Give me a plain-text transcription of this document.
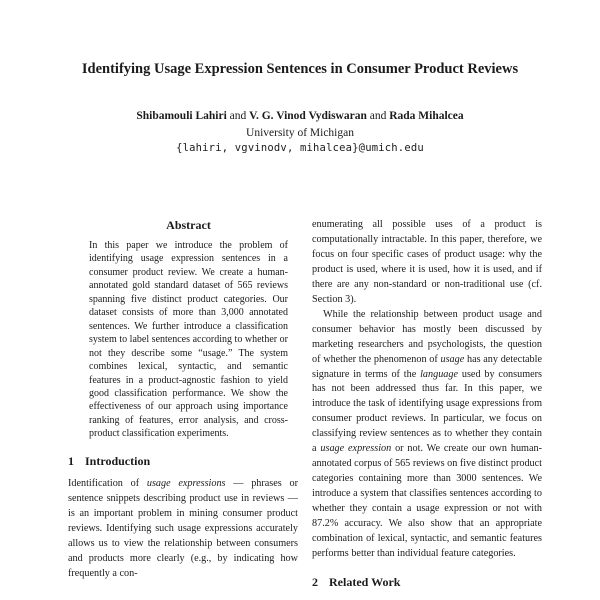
Identifying Usage Expression Sentences in Consumer Product Reviews
Shibamouli Lahiri and V. G. Vinod Vydiswaran and Rada Mihalcea
University of Michigan
{lahiri, vgvinodv, mihalcea}@umich.edu
Abstract
In this paper we introduce the problem of identifying usage expression sentences in a consumer product review. We create a human-annotated gold standard dataset of 565 reviews spanning five distinct product categories. Our dataset consists of more than 3,000 annotated sentences. We further introduce a classification system to label sentences according to whether or not they describe some “usage.” The system combines lexical, syntactic, and semantic features in a product-agnostic fashion to yield good classification performance. We show the effectiveness of our approach using importance ranking of features, error analysis, and cross-product classification experiments.
1 Introduction
Identification of usage expressions — phrases or sentence snippets describing product use in reviews — is an important problem in mining consumer product reviews. Identifying such usage expressions accurately allows us to view the relationship between consumers and products more clearly (e.g., by indicating how frequently a con-
enumerating all possible uses of a product is computationally intractable. In this paper, therefore, we focus on four specific cases of product usage: why the product is used, where it is used, how it is used, and if there are any non-standard or non-traditional use (cf. Section 3).
While the relationship between product usage and consumer behavior has mostly been discussed by marketing researchers and psychologists, the question of whether the phenomenon of usage has any detectable signature in terms of the language used by consumers has not been addressed thus far. In this paper, we introduce the task of identifying usage expressions from consumer product reviews. In particular, we focus on classifying review sentences as to whether they contain a usage expression or not. We create our own human-annotated corpus of 565 reviews on five distinct product categories containing more than 3000 sentences. We introduce a system that classifies sentences according to whether they contain a usage expression or not with 87.2% accuracy. We also show that an appropriate combination of lexical, syntactic, and semantic features performs better than individual feature categories.
2 Related Work
